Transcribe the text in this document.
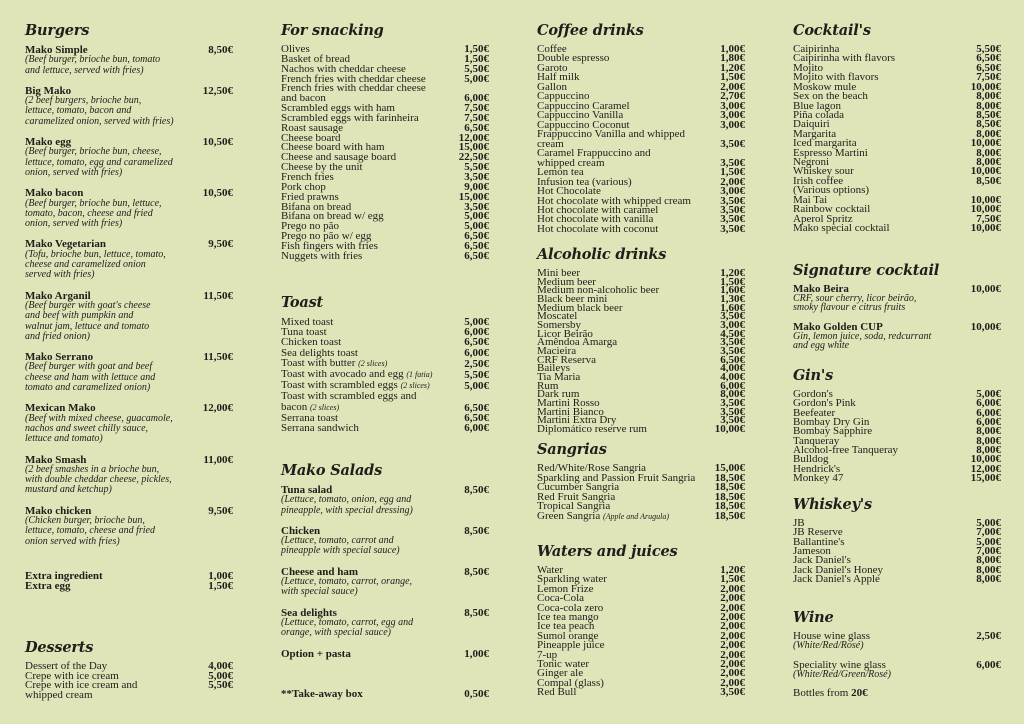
Burgers
Mako Simple
(Beef burger, brioche bun, tomato
and lettuce, served with fries)
8,50€
Big Mako
(2 beef burgers, brioche bun,
lettuce, tomato, bacon and
caramelized onion, served with fries)
12,50€
Mako egg
(Beef burger, brioche bun, cheese,
lettuce, tomato, egg and caramelized
onion, served with fries)
10,50€
Mako bacon
(Beef burger, brioche bun, lettuce,
tomato, bacon, cheese and fried
onion, served with fries)
10,50€
Mako Vegetarian
(Tofu, brioche bun, lettuce, tomato,
cheese and caramelized onion
served with fries)
9,50€
Mako Arganil
(Beef burger with goat's cheese
and beef with pumpkin and
walnut jam, lettuce and tomato
and fried onion)
11,50€
Mako Serrano
(Beef burger with goat and beef
cheese and ham with lettuce and
tomato and caramelized onion)
11,50€
Mexican Mako
(Beef with mixed cheese, guacamole,
nachos and sweet chilly sauce,
lettuce and tomato)
12,00€
Mako Smash
(2 beef smashes in a brioche bun,
with double cheddar cheese, pickles,
mustard and ketchup)
11,00€
Mako chicken
(Chicken burger, brioche bun,
lettuce, tomato, cheese and fried
onion served with fries)
9,50€
Extra ingredient	1,00€
Extra egg	1,50€
Desserts
Dessert of the Day	4,00€
Crepe with ice cream	5,00€
Crepe with ice cream and	5,50€
whipped cream
For snacking
Olives	1,50€
Basket of bread	1,50€
Nachos with cheddar cheese	5,50€
French fries with cheddar cheese	5,00€
French fries with cheddar cheese
and bacon	6,00€
Scrambled eggs with ham	7,50€
Scrambled eggs with farinheira	7,50€
Roast sausage	6,50€
Cheese board	12,00€
Cheese board with ham	15,00€
Cheese and sausage board	22,50€
Cheese by the unit	5,50€
French fries	3,50€
Pork chop	9,00€
Fried prawns	15,00€
Bifana on bread	3,50€
Bifana on bread w/ egg	5,00€
Prego no pão	5,00€
Prego no pão w/ egg	6,50€
Fish fingers with fries	6,50€
Nuggets with fries	6,50€
Toast
Mixed toast	5,00€
Tuna toast	6,00€
Chicken toast	6,50€
Sea delights toast	6,00€
Toast with butter (2 slices)	2,50€
Toast with avocado and egg (1 fatia)	5,50€
Toast with scrambled eggs (2 slices)	5,00€
Toast with scrambled eggs and
bacon (2 slices)	6,50€
Serrana toast	6,50€
Serrana sandwich	6,00€
Mako Salads
Tuna salad
(Lettuce, tomato, onion, egg and
pineapple, with special dressing)
8,50€
Chicken
(Lettuce, tomato, carrot and
pineapple with special sauce)
8,50€
Cheese and ham
(Lettuce, tomato, carrot, orange,
with special sauce)
8,50€
Sea delights
(Lettuce, tomato, carrot, egg and
orange, with special sauce)
8,50€
Option + pasta	1,00€
**Take-away box	0,50€
Coffee drinks
Coffee	1,00€
Double espresso	1,80€
Garoto	1,20€
Half milk	1,50€
Gallon	2,00€
Cappuccino	2,70€
Cappuccino Caramel	3,00€
Cappuccino Vanilla	3,00€
Cappuccino Coconut	3,00€
Frappuccino Vanilla and whipped
cream	3,50€
Caramel Frappuccino and
whipped cream	3,50€
Lemon tea	1,50€
Infusion tea (various)	2,00€
Hot Chocolate	3,00€
Hot chocolate with whipped cream	3,50€
Hot chocolate with caramel	3,50€
Hot chocolate with vanilla	3,50€
Hot chocolate with coconut	3,50€
Alcoholic drinks
Mini beer	1,20€
Medium beer	1,50€
Medium non-alcoholic beer	1,60€
Black beer mini	1,30€
Medium black beer	1,60€
Moscatel	3,50€
Somersby	3,00€
Licor Beirão	4,50€
Amêndoa Amarga	3,50€
Macieira	3,50€
CRF Reserva	6,50€
Baileys	4,00€
Tia Maria	4,00€
Rum	6,00€
Dark rum	8,00€
Martini Rosso	3,50€
Martini Bianco	3,50€
Martini Extra Dry	3,50€
Diplomático reserve rum	10,00€
Sangrias
Red/White/Rose Sangria	15,00€
Sparkling and Passion Fruit Sangria	18,50€
Cucumber Sangria	18,50€
Red Fruit Sangria	18,50€
Tropical Sangria	18,50€
Green Sangria (Apple and Arugula)	18,50€
Waters and juices
Water	1,20€
Sparkling water	1,50€
Lemon Frize	2,00€
Coca-Cola	2,00€
Coca-cola zero	2,00€
Ice tea mango	2,00€
Ice tea peach	2,00€
Sumol orange	2,00€
Pineapple juice	2,00€
7-up	2,00€
Tonic water	2,00€
Ginger ale	2,00€
Compal (glass)	2,00€
Red Bull	3,50€
Cocktail's
Caipirinha	5,50€
Caipirinha with flavors	6,50€
Mojito	6,50€
Mojito with flavors	7,50€
Moskow mule	10,00€
Sex on the beach	8,00€
Blue lagon	8,00€
Piña colada	8,50€
Daiquiri	8,50€
Margarita	8,00€
Iced margarita	10,00€
Espresso Martini	8,00€
Negroni	8,00€
Whiskey sour	10,00€
Irish coffee	8,50€
(Various options)
Mai Tai	10,00€
Rainbow cocktail	10,00€
Aperol Spritz	7,50€
Mako special cocktail	10,00€
Signature cocktail
Mako Beira
CRF, sour cherry, licor beirão,
smoky flavour e citrus fruits
10,00€
Mako Golden CUP
Gin, lemon juice, soda, redcurrant
and egg white
10,00€
Gin's
Gordon's	5,00€
Gordon's Pink	6,00€
Beefeater	6,00€
Bombay Dry Gin	6,00€
Bombay Sapphire	8,00€
Tanqueray	8,00€
Alcohol-free Tanqueray	8,00€
Bulldog	10,00€
Hendrick's	12,00€
Monkey 47	15,00€
Whiskey's
JB	5,00€
JB Reserve	7,00€
Ballantine's	5,00€
Jameson	7,00€
Jack Daniel's	8,00€
Jack Daniel's Honey	8,00€
Jack Daniel's Apple	8,00€
Wine
House wine glass
(White/Red/Rosé)
2,50€
Speciality wine glass
(White/Red/Green/Rosé)
6,00€
Bottles from 20€
